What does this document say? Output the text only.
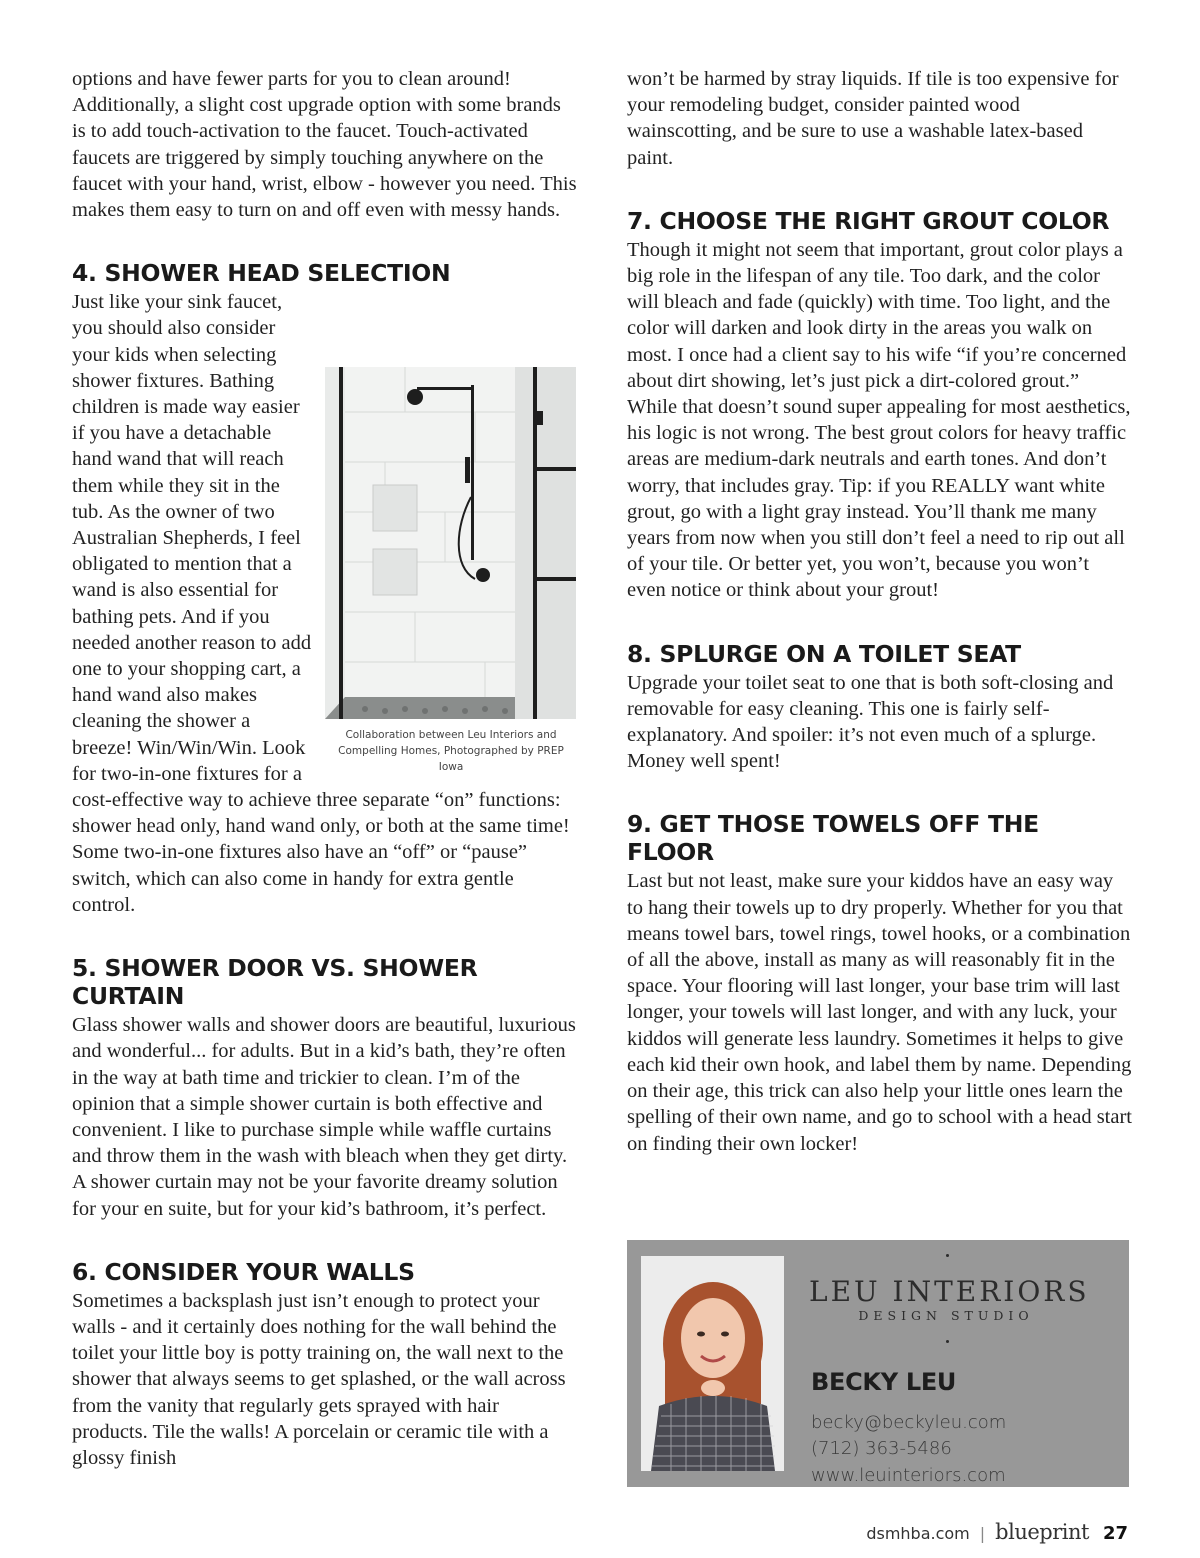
options and have fewer parts for you to clean around! Additionally, a slight cost upgrade option with some brands is to add touch-activation to the faucet. Touch-activated faucets are triggered by simply touching anywhere on the faucet with your hand, wrist, elbow - however you need. This makes them easy to turn on and off even with messy hands.

4. SHOWER HEAD SELECTION
Collaboration between Leu Interiors and Compelling Homes, Photographed by PREP Iowa
Just like your sink faucet, you should also consider your kids when selecting shower fixtures. Bathing children is made way easier if you have a detachable hand wand that will reach them while they sit in the tub. As the owner of two Australian Shepherds, I feel obligated to mention that a wand is also essential for bathing pets. And if you needed another reason to add one to your shopping cart, a hand wand also makes cleaning the shower a breeze! Win/Win/Win. Look for two-in-one fixtures for a cost-effective way to achieve three separate “on” functions: shower head only, hand wand only, or both at the same time! Some two-in-one fixtures also have an “off” or “pause” switch, which can also come in handy for extra gentle control.
5. SHOWER DOOR VS. SHOWER CURTAIN

Glass shower walls and shower doors are beautiful, luxurious and wonderful... for adults. But in a kid’s bath, they’re often in the way at bath time and trickier to clean. I’m of the opinion that a simple shower curtain is both effective and convenient. I like to purchase simple while waffle curtains and throw them in the wash with bleach when they get dirty. A shower curtain may not be your favorite dreamy solution for your en suite, but for your kid’s bathroom, it’s perfect.

6. CONSIDER YOUR WALLS

Sometimes a backsplash just isn’t enough to protect your walls - and it certainly does nothing for the wall behind the toilet your little boy is potty training on, the wall next to the shower that always seems to get splashed, or the wall across from the vanity that regularly gets sprayed with hair products. Tile the walls! A porcelain or ceramic tile with a glossy finish

won’t be harmed by stray liquids. If tile is too expensive for your remodeling budget, consider painted wood wainscotting, and be sure to use a washable latex-based paint.

7. CHOOSE THE RIGHT GROUT COLOR

Though it might not seem that important, grout color plays a big role in the lifespan of any tile. Too dark, and the color will bleach and fade (quickly) with time. Too light, and the color will darken and look dirty in the areas you walk on most. I once had a client say to his wife “if you’re concerned about dirt showing, let’s just pick a dirt-colored grout.” While that doesn’t sound super appealing for most aesthetics, his logic is not wrong. The best grout colors for heavy traffic areas are medium-dark neutrals and earth tones. And don’t worry, that includes gray. Tip: if you REALLY want white grout, go with a light gray instead. You’ll thank me many years from now when you still don’t feel a need to rip out all of your tile. Or better yet, you won’t, because you won’t even notice or think about your grout!

8. SPLURGE ON A TOILET SEAT

Upgrade your toilet seat to one that is both soft-closing and removable for easy cleaning. This one is fairly self-explanatory. And spoiler: it’s not even much of a splurge. Money well spent!

9. GET THOSE TOWELS OFF THE FLOOR

Last but not least, make sure your kiddos have an easy way to hang their towels up to dry properly. Whether for you that means towel bars, towel rings, towel hooks, or a combination of all the above, install as many as will reasonably fit in the space. Your flooring will last longer, your base trim will last longer, your towels will last longer, and with any luck, your kiddos will generate less laundry. Sometimes it helps to give each kid their own hook, and label them by name. Depending on their age, this trick can also help your little ones learn the spelling of their own name, and go to school with a head start on finding their own locker!

LEU INTERIORS
DESIGN STUDIO
BECKY LEU
becky@beckyleu.com
(712) 363-5486
www.leuinteriors.com
dsmhba.com | blueprint 27
